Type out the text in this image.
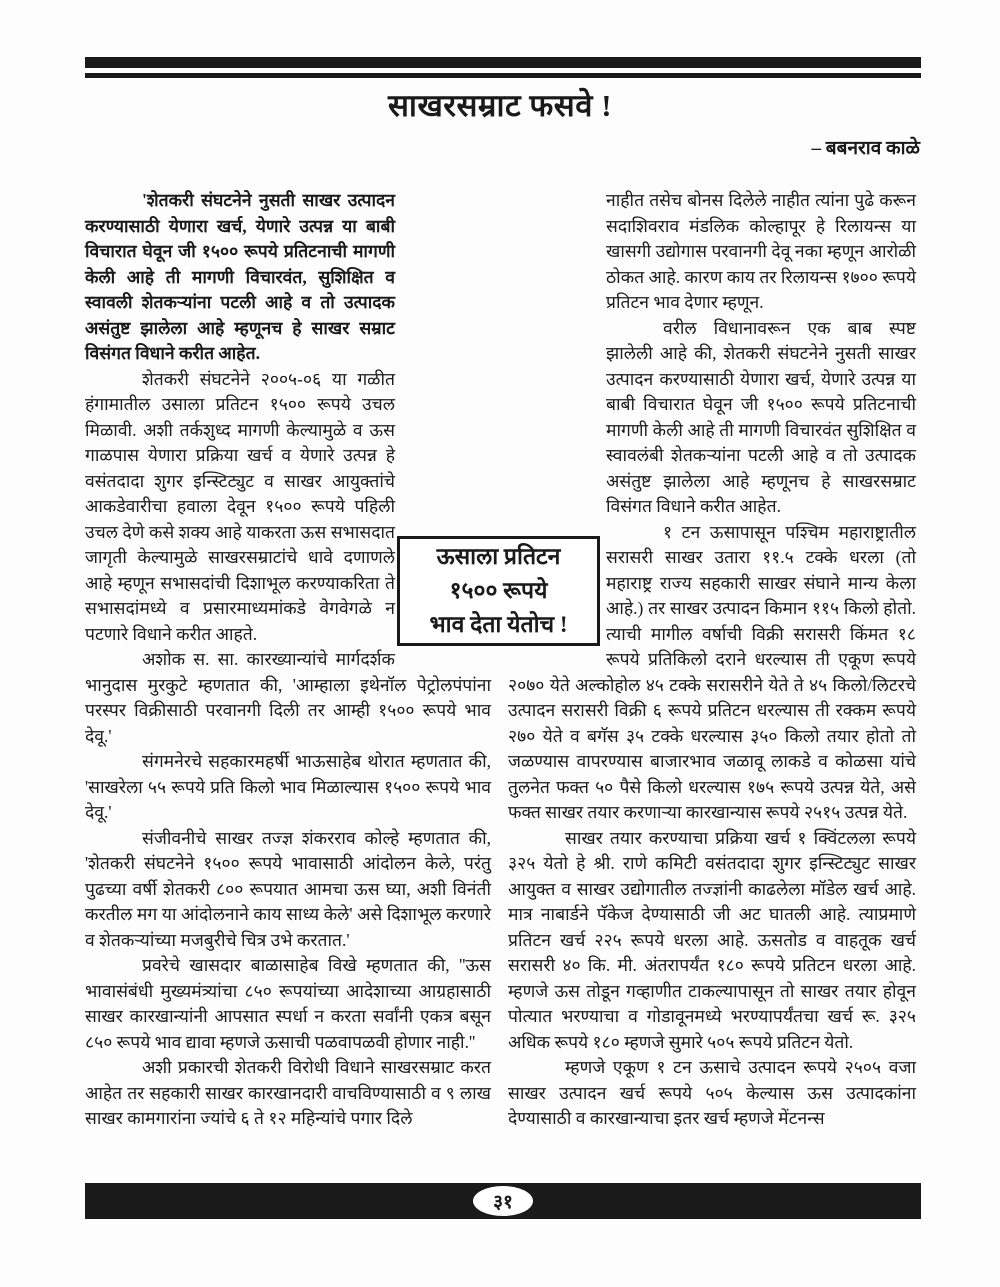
साखरसम्राट फसवे !
– बबनराव काळे

'शेतकरी संघटनेने नुसती साखर उत्पादन करण्यासाठी येणारा खर्च, येणारे उत्पन्न या बाबी विचारात घेवून जी १५०० रूपये प्रतिटनाची मागणी केली आहे ती मागणी विचारवंत, सुशिक्षित व स्वावली शेतकऱ्यांना पटली आहे व तो उत्पादक असंतुष्ट झालेला आहे म्हणूनच हे साखर सम्राट विसंगत विधाने करीत आहेत.

शेतकरी संघटनेने २००५-०६ या गळीत हंगामातील उसाला प्रतिटन १५०० रूपये उचल मिळावी. अशी तर्कशुध्द मागणी केल्यामुळे व ऊस गाळपास येणारा प्रक्रिया खर्च व येणारे उत्पन्न हे वसंतदादा शुगर इन्स्टिट्युट व साखर आयुक्तांचे आकडेवारीचा हवाला देवून १५०० रूपये पहिली उचल देणे कसे शक्य आहे याकरता ऊस सभासदात जागृती केल्यामुळे साखरसम्राटांचे धावे दणाणले आहे म्हणून सभासदांची दिशाभूल करण्याकरिता ते सभासदांमध्ये व प्रसारमाध्यमांकडे वेगवेगळे न पटणारे विधाने करीत आहते.

अशोक स. सा. कारख्यान्यांचे मार्गदर्शक भानुदास मुरकुटे म्हणतात की, 'आम्हाला इथेनॉल पेट्रोलपंपांना परस्पर विक्रीसाठी परवानगी दिली तर आम्ही १५०० रूपये भाव देवू.'

संगमनेरचे सहकारमहर्षी भाऊसाहेब थोरात म्हणतात की, 'साखरेला ५५ रूपये प्रति किलो भाव मिळाल्यास १५०० रूपये भाव देवू.'

संजीवनीचे साखर तज्ज्ञ शंकरराव कोल्हे म्हणतात की, 'शेतकरी संघटनेने १५०० रूपये भावासाठी आंदोलन केले, परंतु पुढच्या वर्षी शेतकरी ८०० रूपयात आमचा ऊस घ्या, अशी विनंती करतील मग या आंदोलनाने काय साध्य केले' असे दिशाभूल करणारे व शेतकऱ्यांच्या मजबुरीचे चित्र उभे करतात.'

प्रवरेचे खासदार बाळासाहेब विखे म्हणतात की, ''ऊस भावासंबंधी मुख्यमंत्र्यांचा ८५० रूपयांच्या आदेशाच्या आग्रहासाठी साखर कारखान्यांनी आपसात स्पर्धा न करता सर्वांनी एकत्र बसून ८५० रूपये भाव द्यावा म्हणजे ऊसाची पळवापळवी होणार नाही.''

अशी प्रकारची शेतकरी विरोधी विधाने साखरसम्राट करत आहेत तर सहकारी साखर कारखानदारी वाचविण्यासाठी व ९ लाख साखर कामगारांना ज्यांचे ६ ते १२ महिन्यांचे पगार दिले

नाहीत तसेच बोनस दिलेले नाहीत त्यांना पुढे करून सदाशिवराव मंडलिक कोल्हापूर हे रिलायन्स या खासगी उद्योगास परवानगी देवू नका म्हणून आरोळी ठोकत आहे. कारण काय तर रिलायन्स १७०० रूपये प्रतिटन भाव देणार म्हणून.

वरील विधानावरून एक बाब स्पष्ट झालेली आहे की, शेतकरी संघटनेने नुसती साखर उत्पादन करण्यासाठी येणारा खर्च, येणारे उत्पन्न या बाबी विचारात घेवून जी १५०० रूपये प्रतिटनाची मागणी केली आहे ती मागणी विचारवंत सुशिक्षित व स्वावलंबी शेतकऱ्यांना पटली आहे व तो उत्पादक असंतुष्ट झालेला आहे म्हणूनच हे साखरसम्राट विसंगत विधाने करीत आहेत.

१ टन ऊसापासून पश्चिम महाराष्ट्रातील सरासरी साखर उतारा ११.५ टक्के धरला (तो महाराष्ट्र राज्य सहकारी साखर संघाने मान्य केला आहे.) तर साखर उत्पादन किमान ११५ किलो होतो. त्याची मागील वर्षाची विक्री सरासरी किंमत १८ रूपये प्रतिकिलो दराने धरल्यास ती एकूण रूपये २०७० येते अल्कोहोल ४५ टक्के सरासरीने येते ते ४५ किलो/लिटरचे उत्पादन सरासरी विक्री ६ रूपये प्रतिटन धरल्यास ती रक्कम रूपये २७० येते व बगॅस ३५ टक्के धरल्यास ३५० किलो तयार होतो तो जळण्यास वापरण्यास बाजारभाव जळावू लाकडे व कोळसा यांचे तुलनेत फक्त ५० पैसे किलो धरल्यास १७५ रूपये उत्पन्न येते, असे फक्त साखर तयार करणाऱ्या कारखान्यास रूपये २५१५ उत्पन्न येते.

साखर तयार करण्याचा प्रक्रिया खर्च १ क्विंटलला रूपये ३२५ येतो हे श्री. राणे कमिटी वसंतदादा शुगर इन्स्टिट्युट साखर आयुक्त व साखर उद्योगातील तज्ज्ञांनी काढलेला मॉडेल खर्च आहे. मात्र नाबार्डने पॅकेज देण्यासाठी जी अट घातली आहे. त्याप्रमाणे प्रतिटन खर्च २२५ रूपये धरला आहे. ऊसतोड व वाहतूक खर्च सरासरी ४० कि. मी. अंतरापर्यंत १८० रूपये प्रतिटन धरला आहे. म्हणजे ऊस तोडून गव्हाणीत टाकल्यापासून तो साखर तयार होवून पोत्यात भरण्याचा व गोडावूनमध्ये भरण्यापर्यंतचा खर्च रू. ३२५ अधिक रूपये १८० म्हणजे सुमारे ५०५ रूपये प्रतिटन येतो.

म्हणजे एकूण १ टन ऊसाचे उत्पादन रूपये २५०५ वजा साखर उत्पादन खर्च रूपये ५०५ केल्यास ऊस उत्पादकांना देण्यासाठी व कारखान्याचा इतर खर्च म्हणजे मेंटनन्स

ऊसाला प्रतिटन
१५०० रूपये
भाव देता येतोच !
३१
